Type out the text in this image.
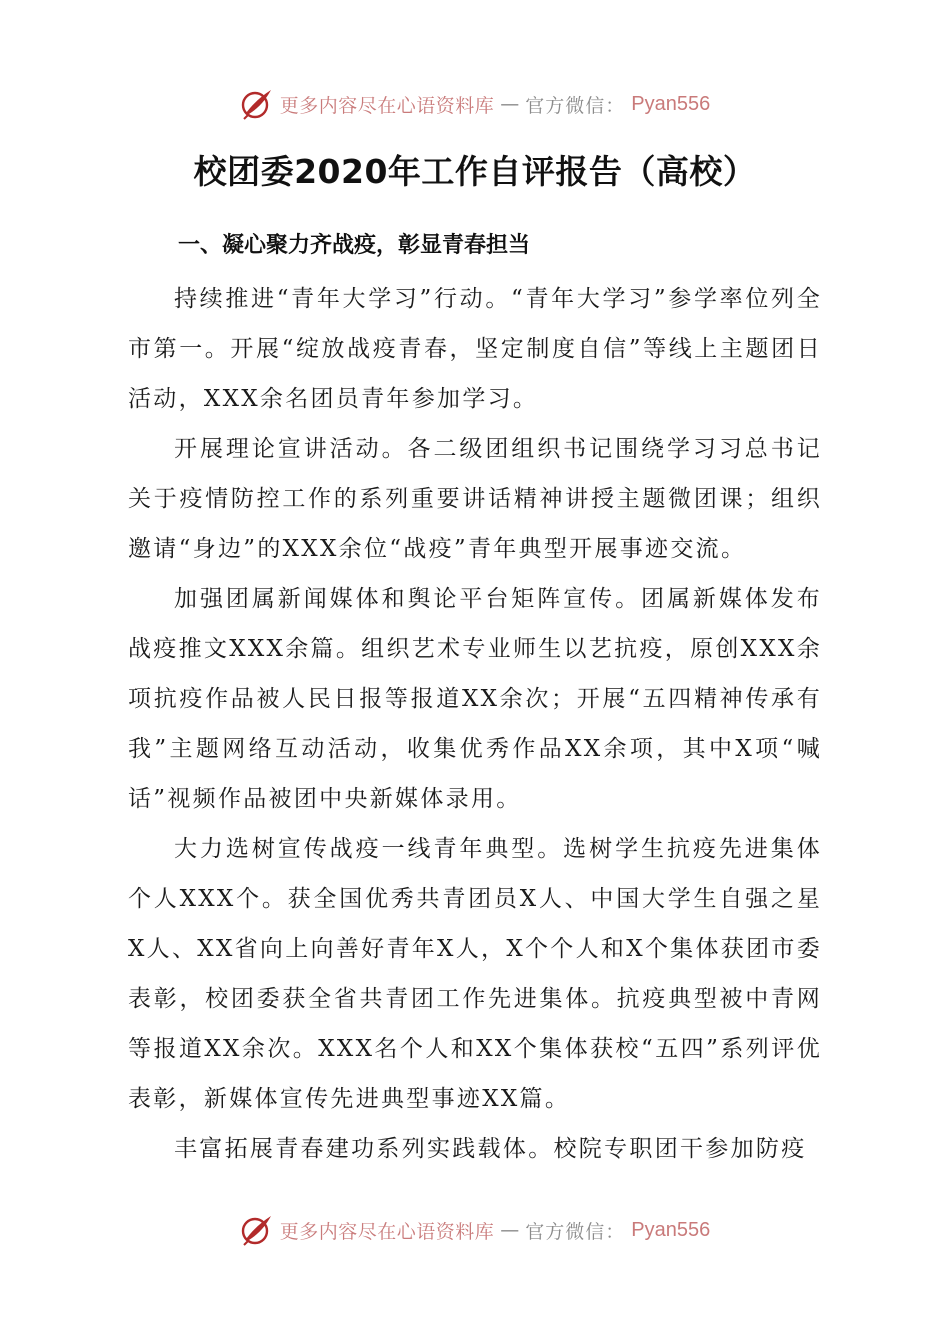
更多内容尽在心语资料库 — 官方微信： Pyan556
校团委2020年工作自评报告（高校）
一、凝心聚力齐战疫，彰显青春担当

持续推进“青年大学习”行动。“青年大学习”参学率位列全市第一。开展“绽放战疫青春，坚定制度自信”等线上主题团日活动，XXX余名团员青年参加学习。

开展理论宣讲活动。各二级团组织书记围绕学习习总书记关于疫情防控工作的系列重要讲话精神讲授主题微团课；组织邀请“身边”的XXX余位“战疫”青年典型开展事迹交流。

加强团属新闻媒体和舆论平台矩阵宣传。团属新媒体发布战疫推文XXX余篇。组织艺术专业师生以艺抗疫，原创XXX余项抗疫作品被人民日报等报道XX余次；开展“五四精神传承有我”主题网络互动活动，收集优秀作品XX余项，其中X项“喊话”视频作品被团中央新媒体录用。

大力选树宣传战疫一线青年典型。选树学生抗疫先进集体个人XXX个。获全国优秀共青团员X人、中国大学生自强之星X人、XX省向上向善好青年X人，X个个人和X个集体获团市委表彰，校团委获全省共青团工作先进集体。抗疫典型被中青网等报道XX余次。XXX名个人和XX个集体获校“五四”系列评优表彰，新媒体宣传先进典型事迹XX篇。

丰富拓展青春建功系列实践载体。校院专职团干参加防疫

更多内容尽在心语资料库 — 官方微信： Pyan556
